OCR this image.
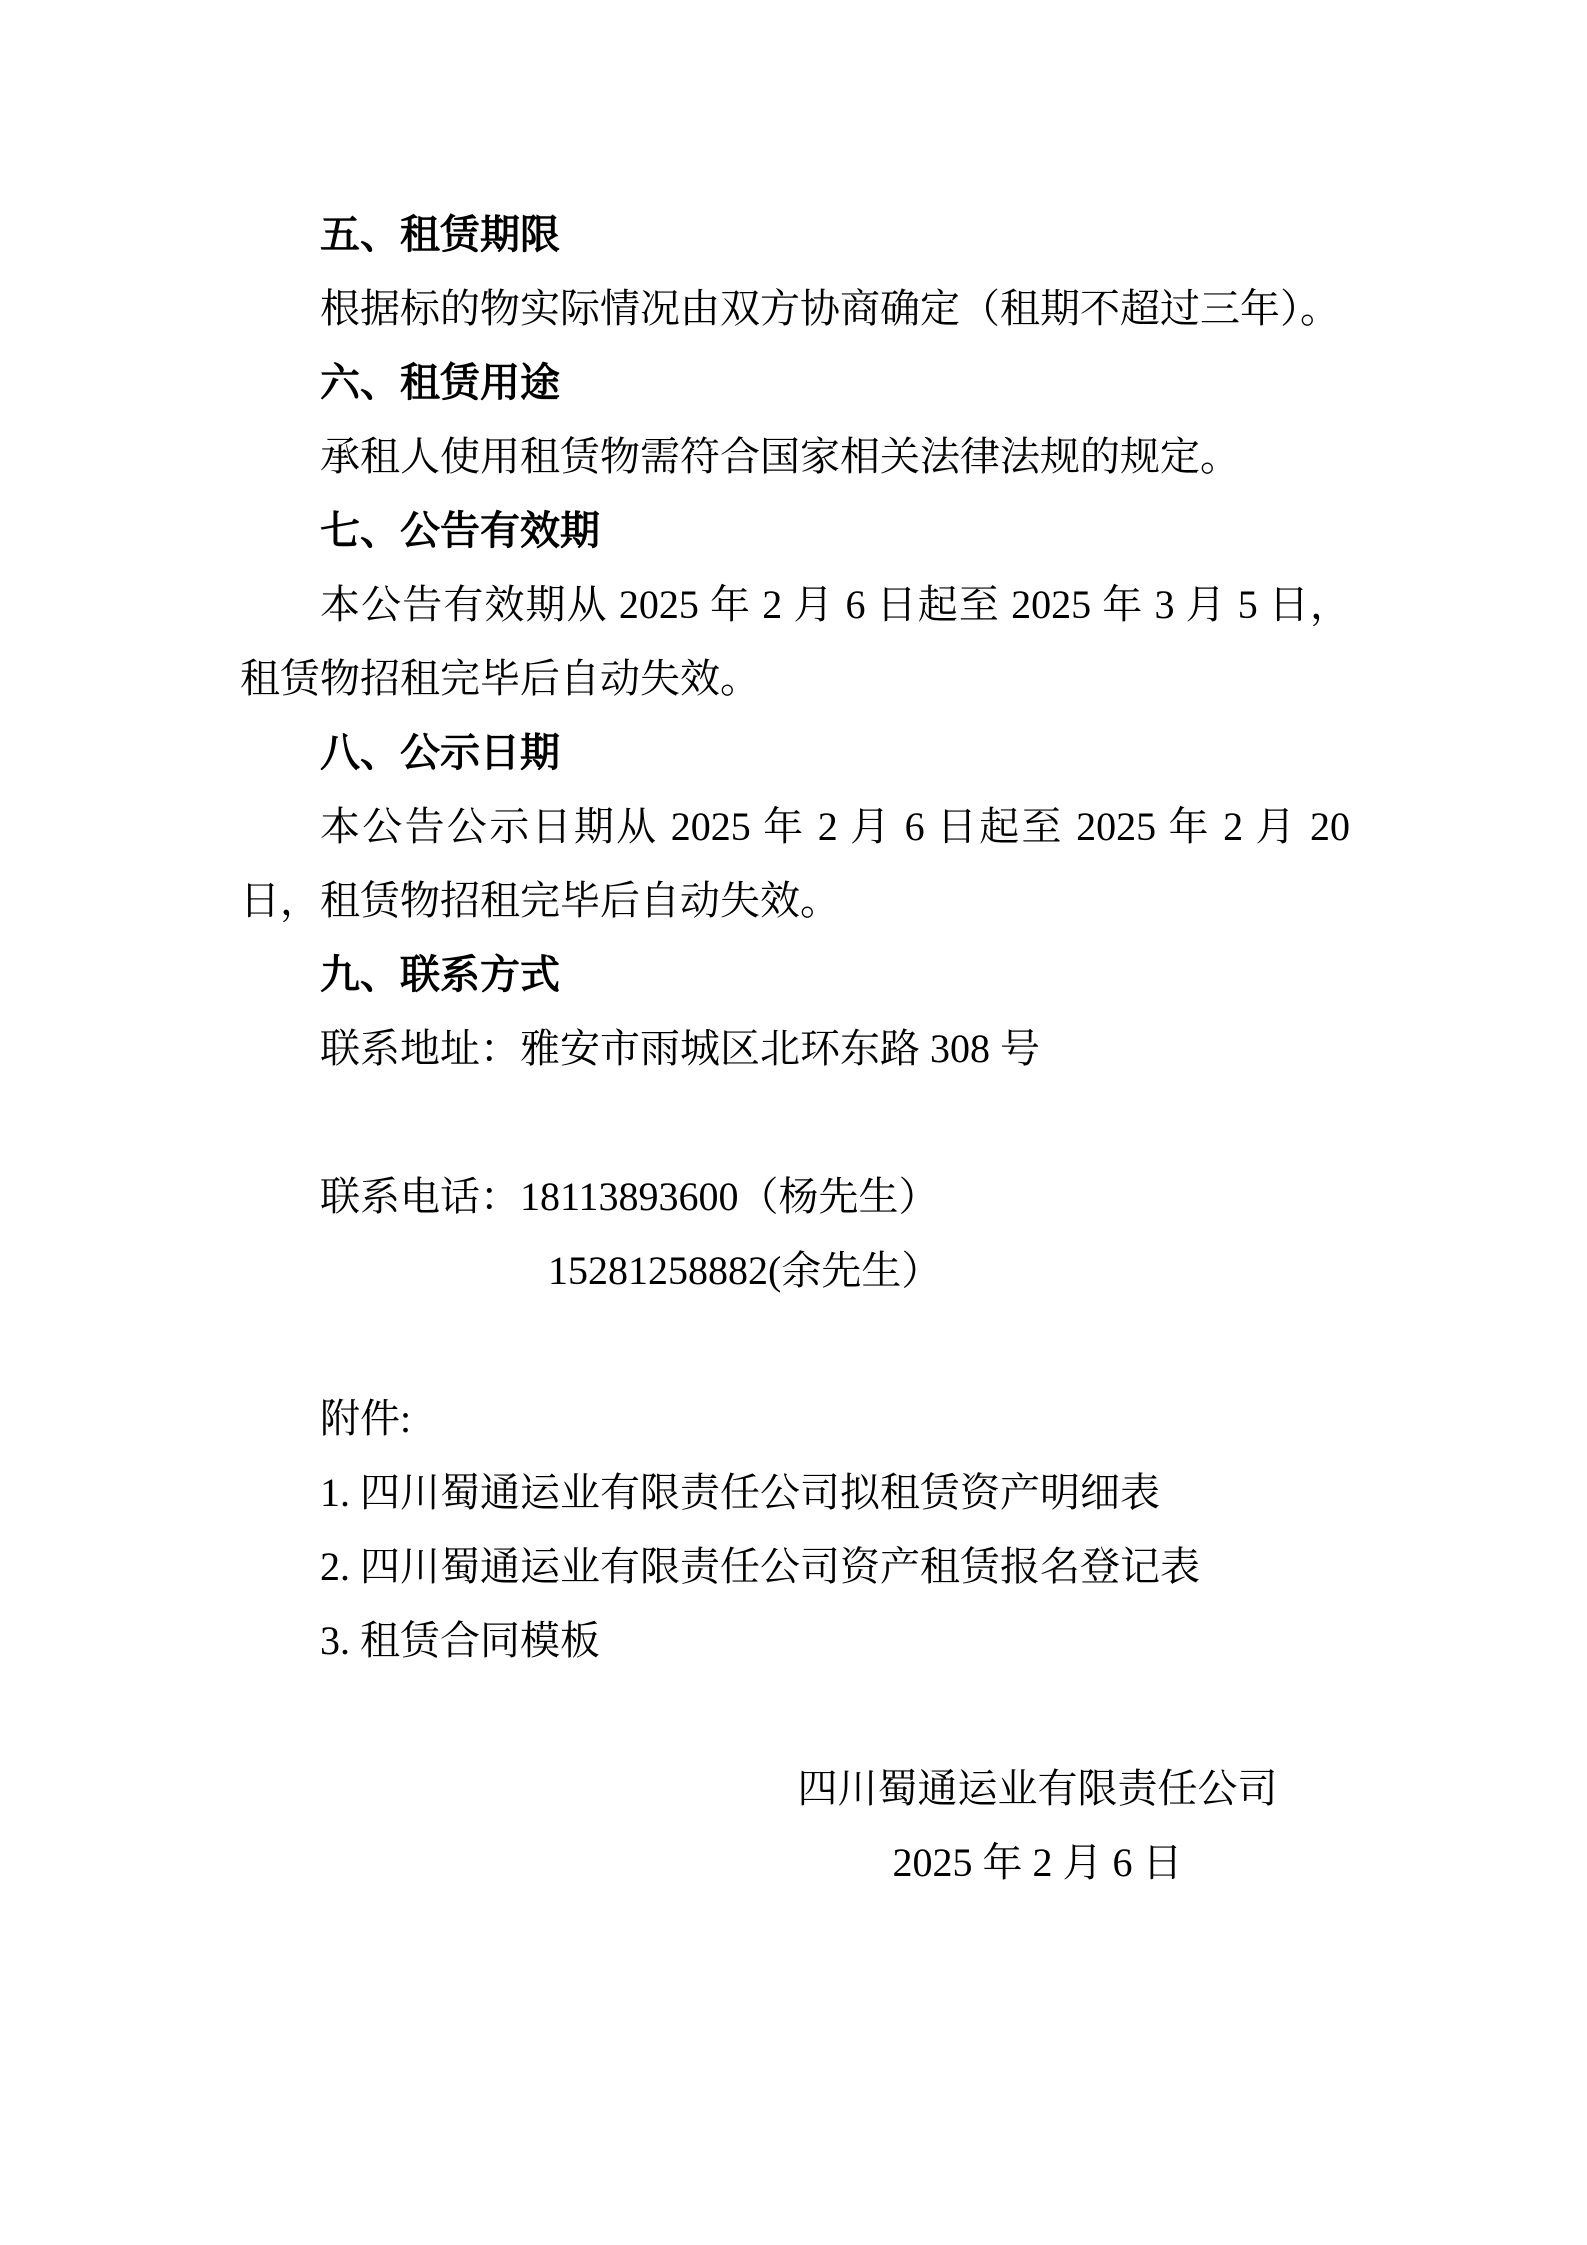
五、租赁期限
根据标的物实际情况由双方协商确定（租期不超过三年）。
六、租赁用途
承租人使用租赁物需符合国家相关法律法规的规定。
七、公告有效期
本公告有效期从 2025 年 2 月 6 日起至 2025 年 3 月 5 日，租赁物招租完毕后自动失效。
八、公示日期
本公告公示日期从 2025 年 2 月 6 日起至 2025 年 2 月 20 日，租赁物招租完毕后自动失效。
九、联系方式
联系地址：雅安市雨城区北环东路 308 号
联系电话：18113893600（杨先生）
15281258882(余先生）
附件:
1. 四川蜀通运业有限责任公司拟租赁资产明细表
2. 四川蜀通运业有限责任公司资产租赁报名登记表
3. 租赁合同模板
四川蜀通运业有限责任公司
2025 年 2 月 6 日
